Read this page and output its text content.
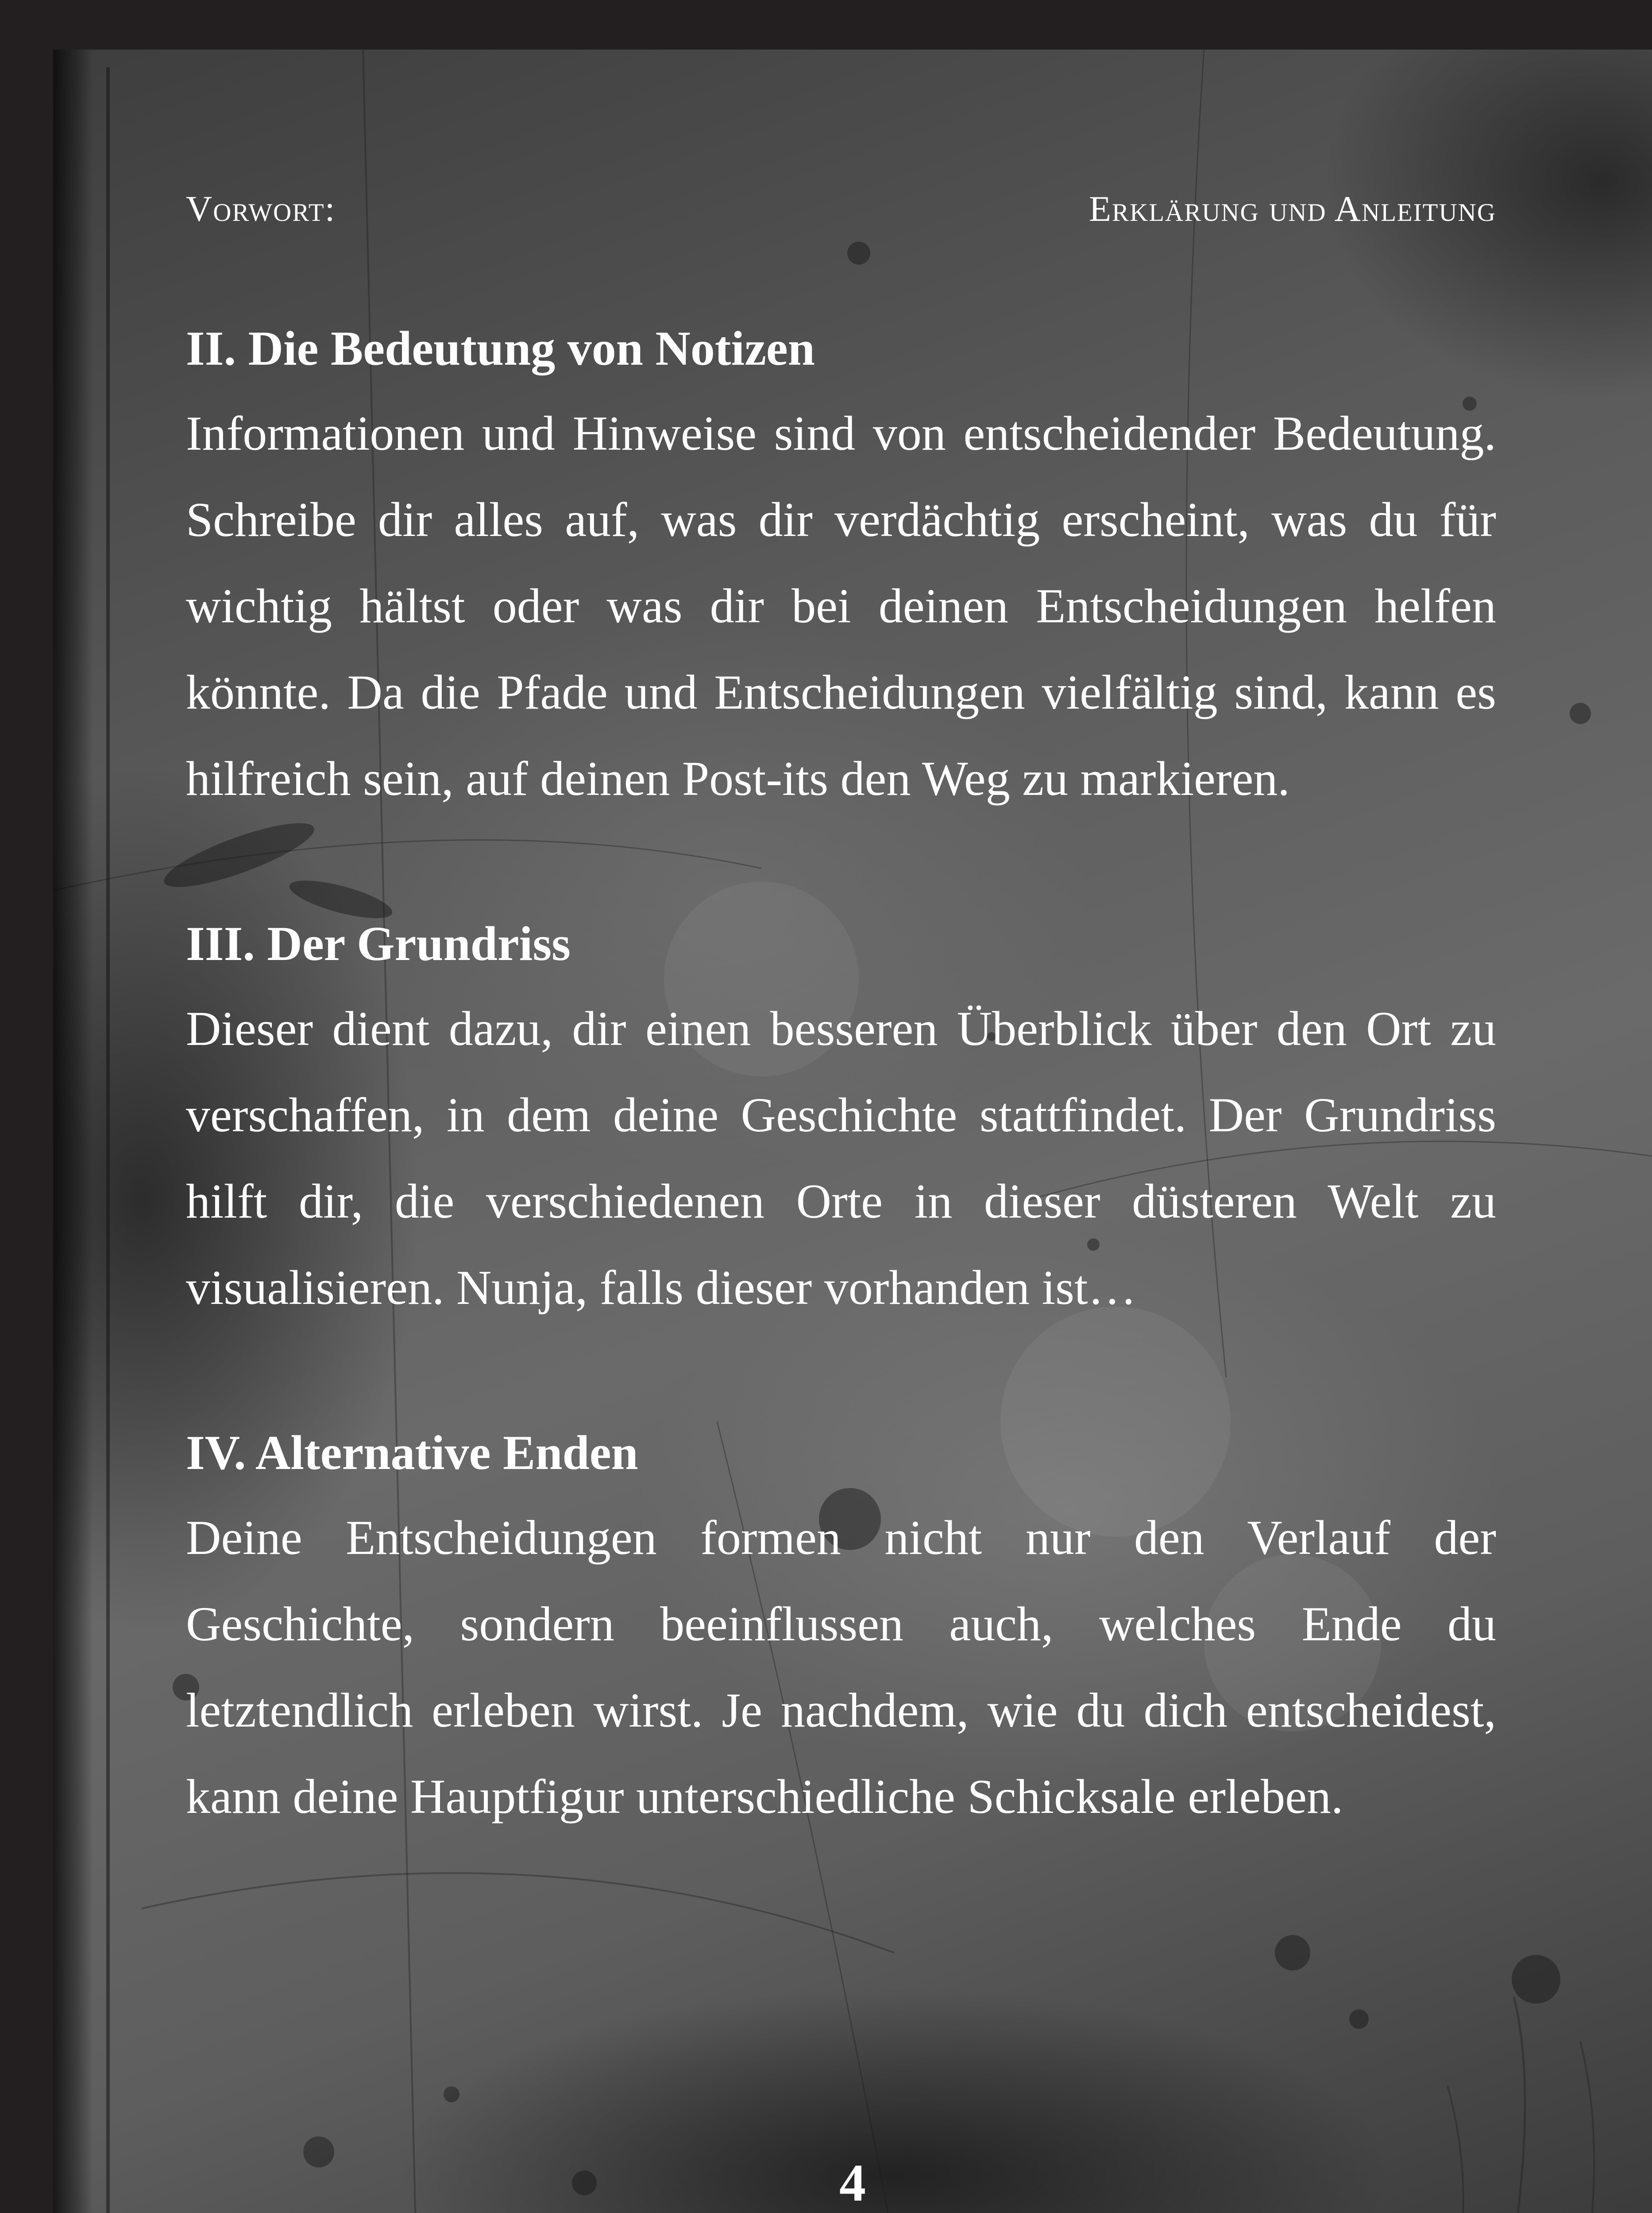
Vorwort:	Erklärung und Anleitung

II. Die Bedeutung von Notizen

Informationen und Hinweise sind von entscheidender Bedeutung. Schreibe dir alles auf, was dir verdächtig erscheint, was du für wichtig hältst oder was dir bei deinen Entscheidungen helfen könnte. Da die Pfade und Entscheidungen vielfältig sind, kann es hilfreich sein, auf deinen Post-its den Weg zu markieren.

III. Der Grundriss

Dieser dient dazu, dir einen besseren Überblick über den Ort zu verschaffen, in dem deine Geschichte stattfindet. Der Grundriss hilft dir, die verschiedenen Orte in dieser düsteren Welt zu visualisieren. Nunja, falls dieser vorhanden ist…

IV. Alternative Enden

Deine Entscheidungen formen nicht nur den Verlauf der Geschichte, sondern beeinflussen auch, welches Ende du letztendlich erleben wirst. Je nachdem, wie du dich entscheidest, kann deine Hauptfigur unterschiedliche Schicksale erleben.

4
